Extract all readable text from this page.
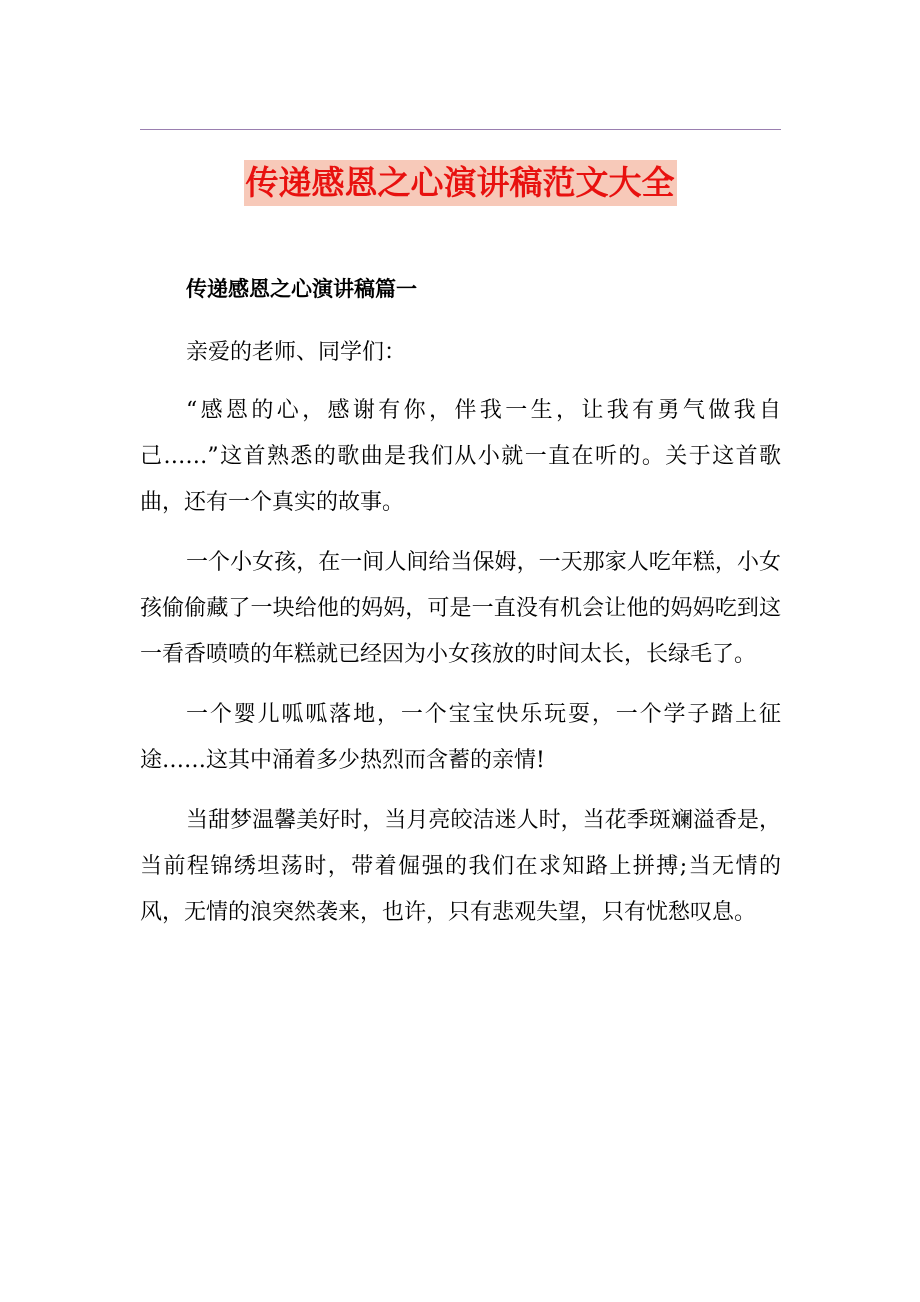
传递感恩之心演讲稿范文大全

传递感恩之心演讲稿篇一

亲爱的老师、同学们：

“感恩的心，感谢有你，伴我一生，让我有勇气做我自己……”这首熟悉的歌曲是我们从小就一直在听的。关于这首歌曲，还有一个真实的故事。

一个小女孩，在一间人间给当保姆，一天那家人吃年糕，小女孩偷偷藏了一块给他的妈妈，可是一直没有机会让他的妈妈吃到这一看香喷喷的年糕就已经因为小女孩放的时间太长，长绿毛了。

一个婴儿呱呱落地，一个宝宝快乐玩耍，一个学子踏上征途……这其中涌着多少热烈而含蓄的亲情!

当甜梦温馨美好时，当月亮皎洁迷人时，当花季斑斓溢香是，当前程锦绣坦荡时，带着倔强的我们在求知路上拼搏;当无情的风，无情的浪突然袭来，也许，只有悲观失望，只有忧愁叹息。
